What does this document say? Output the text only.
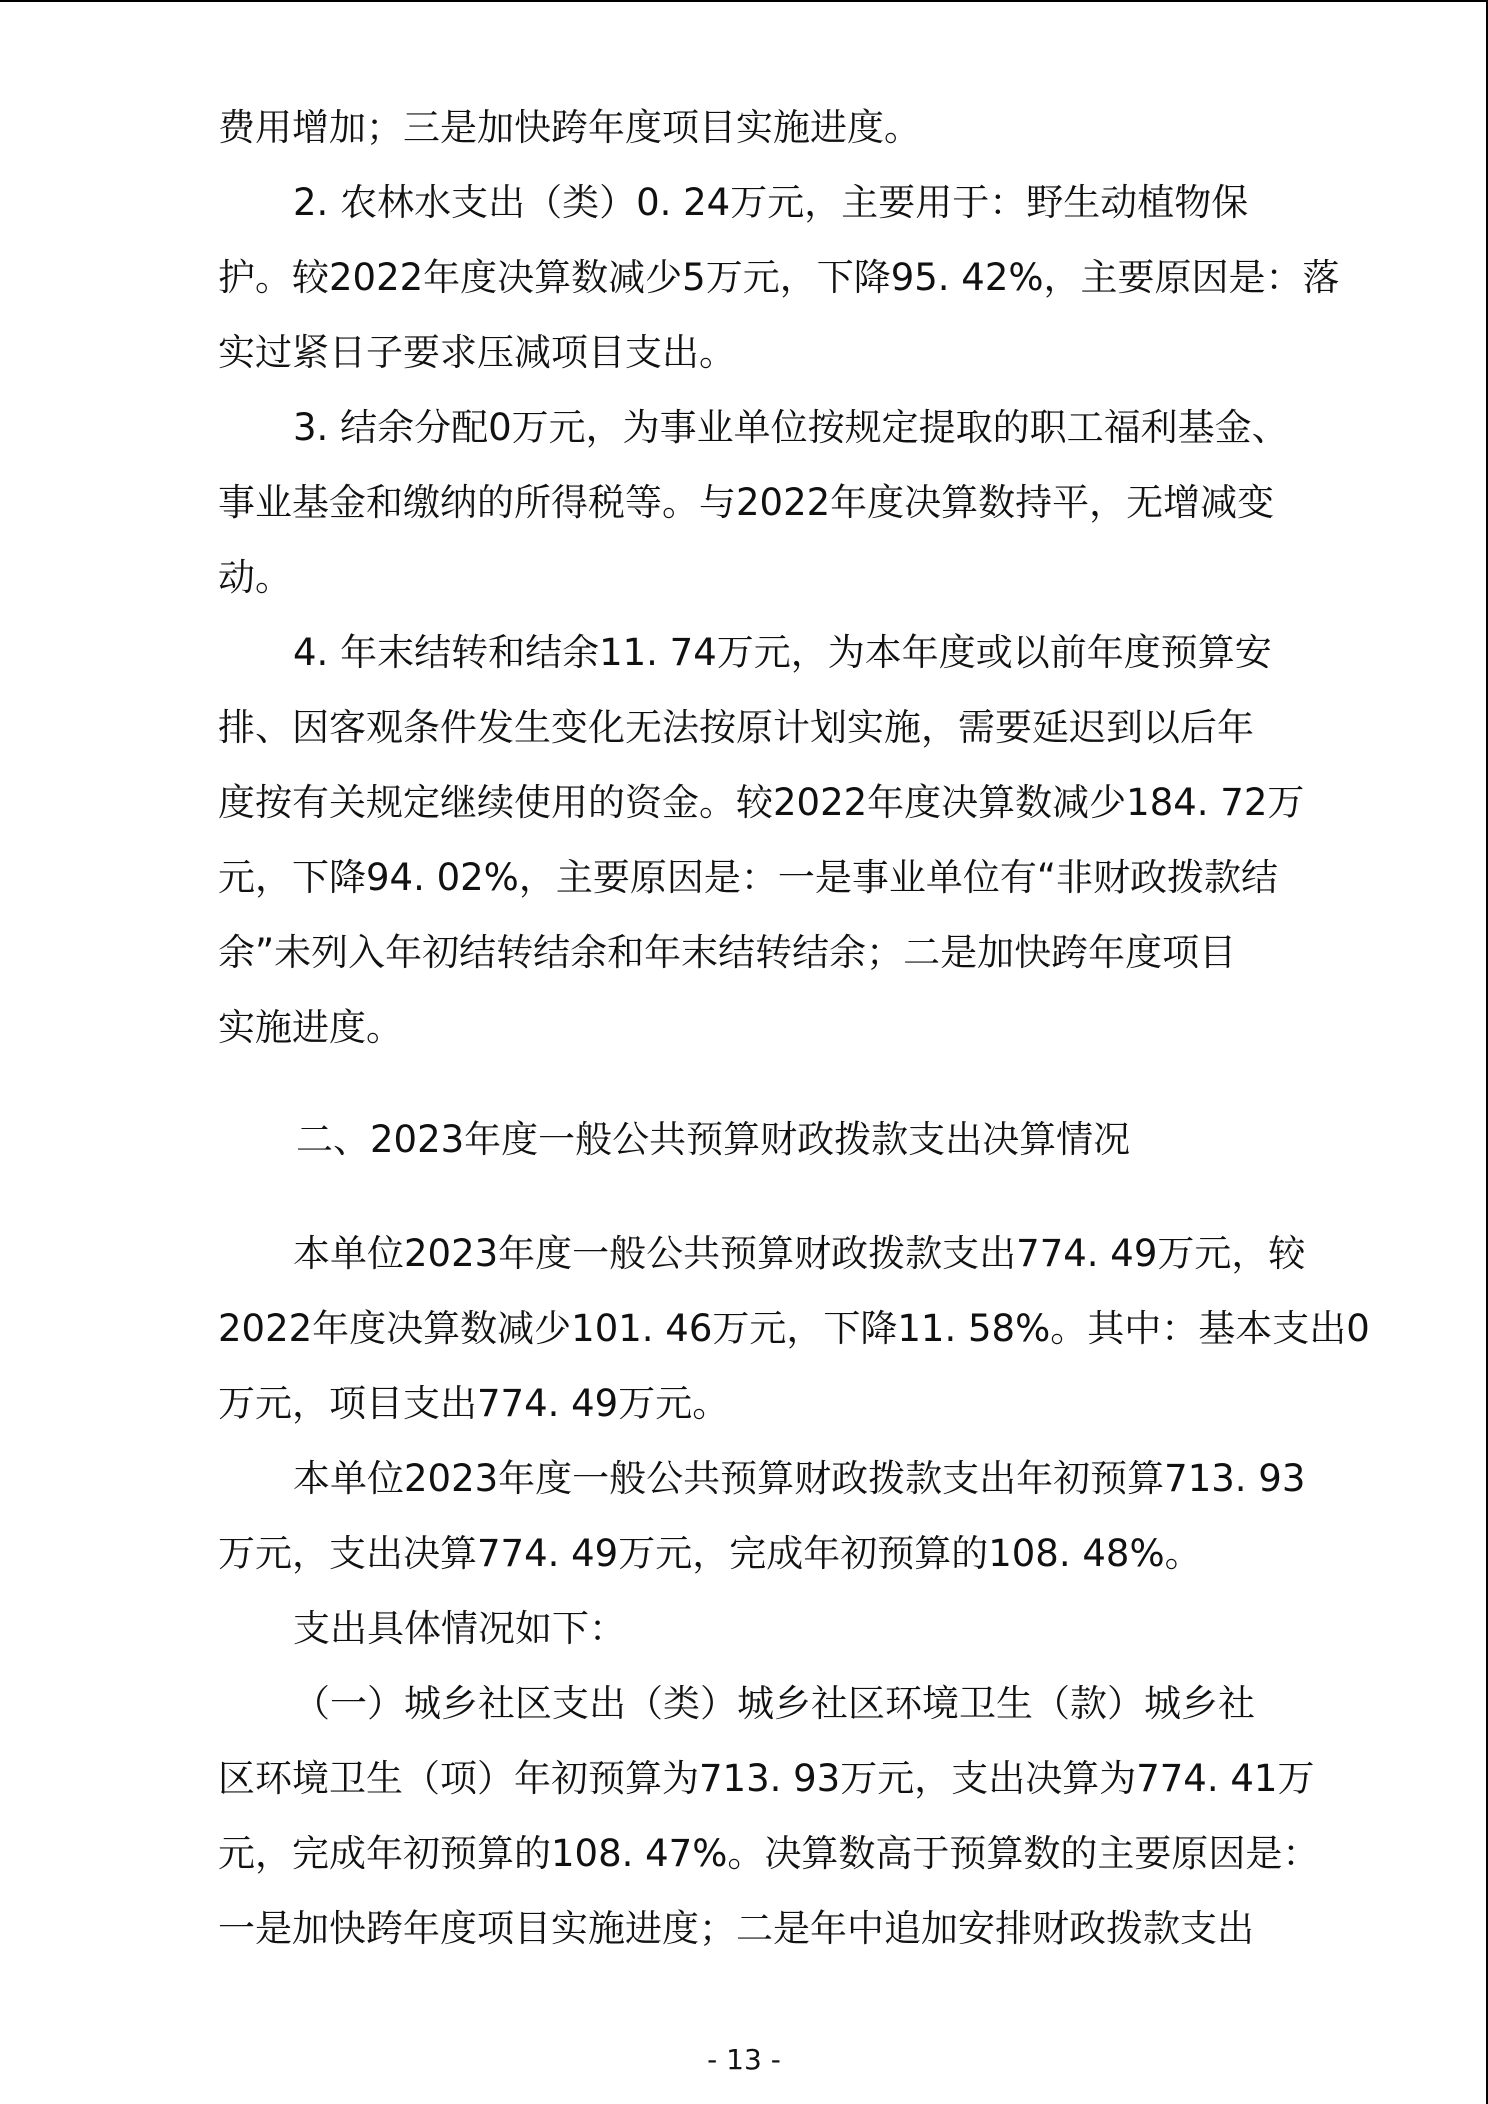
费用增加；三是加快跨年度项目实施进度。
2. 农林水支出（类）0. 24万元，主要用于：野生动植物保
护。较2022年度决算数减少5万元，下降95. 42%，主要原因是：落
实过紧日子要求压减项目支出。
3. 结余分配0万元，为事业单位按规定提取的职工福利基金、
事业基金和缴纳的所得税等。与2022年度决算数持平，无增减变
动。
4. 年末结转和结余11. 74万元，为本年度或以前年度预算安
排、因客观条件发生变化无法按原计划实施，需要延迟到以后年
度按有关规定继续使用的资金。较2022年度决算数减少184. 72万
元，下降94. 02%，主要原因是：一是事业单位有“非财政拨款结
余”未列入年初结转结余和年末结转结余；二是加快跨年度项目
实施进度。
二、2023年度一般公共预算财政拨款支出决算情况
本单位2023年度一般公共预算财政拨款支出774. 49万元，较
2022年度决算数减少101. 46万元，下降11. 58%。其中：基本支出0
万元，项目支出774. 49万元。
本单位2023年度一般公共预算财政拨款支出年初预算713. 93
万元，支出决算774. 49万元，完成年初预算的108. 48%。
支出具体情况如下：
（一）城乡社区支出（类）城乡社区环境卫生（款）城乡社
区环境卫生（项）年初预算为713. 93万元，支出决算为774. 41万
元，完成年初预算的108. 47%。决算数高于预算数的主要原因是：
一是加快跨年度项目实施进度；二是年中追加安排财政拨款支出
- 13 -
